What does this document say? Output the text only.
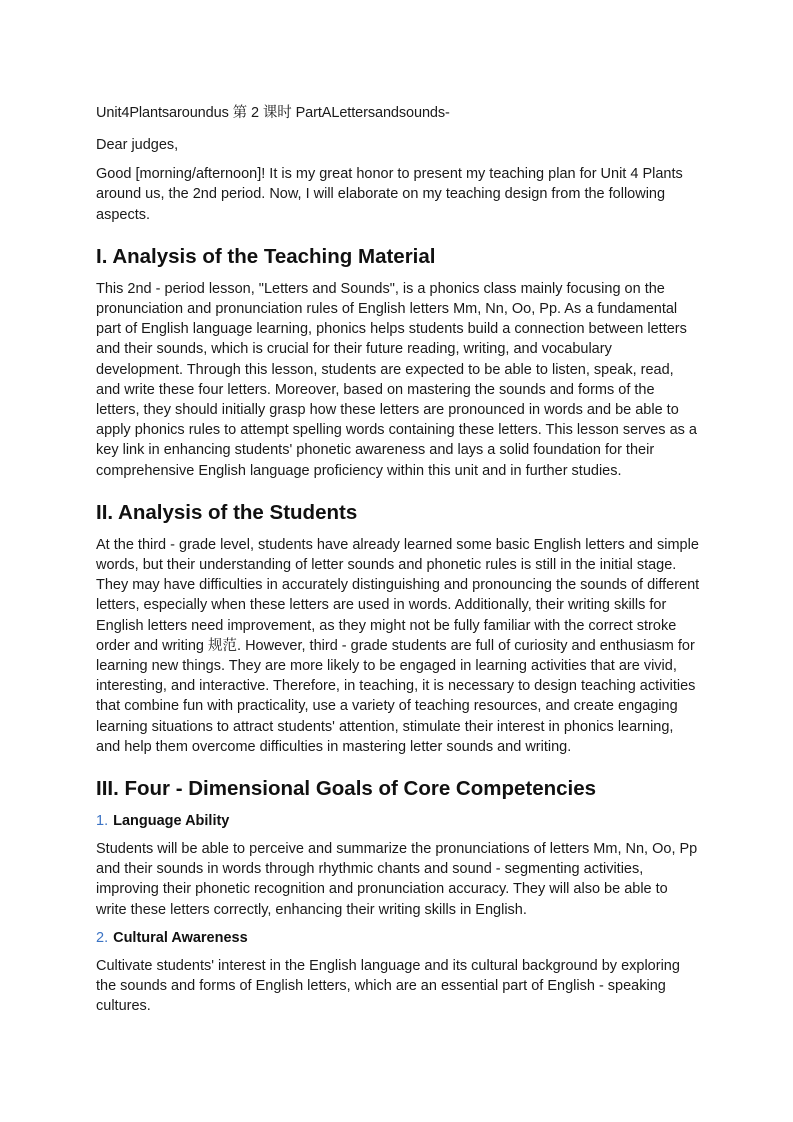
Unit4Plantsaroundus 第 2 课时 PartALettersandsounds-

Dear judges,

Good [morning/afternoon]! It is my great honor to present my teaching plan for Unit 4 Plants around us, the 2nd period. Now, I will elaborate on my teaching design from the following aspects.

I. Analysis of the Teaching Material

This 2nd - period lesson, "Letters and Sounds", is a phonics class mainly focusing on the pronunciation and pronunciation rules of English letters Mm, Nn, Oo, Pp. As a fundamental part of English language learning, phonics helps students build a connection between letters and their sounds, which is crucial for their future reading, writing, and vocabulary development. Through this lesson, students are expected to be able to listen, speak, read, and write these four letters. Moreover, based on mastering the sounds and forms of the letters, they should initially grasp how these letters are pronounced in words and be able to apply phonics rules to attempt spelling words containing these letters. This lesson serves as a key link in enhancing students' phonetic awareness and lays a solid foundation for their comprehensive English language proficiency within this unit and in further studies.

II. Analysis of the Students

At the third - grade level, students have already learned some basic English letters and simple words, but their understanding of letter sounds and phonetic rules is still in the initial stage. They may have difficulties in accurately distinguishing and pronouncing the sounds of different letters, especially when these letters are used in words. Additionally, their writing skills for English letters need improvement, as they might not be fully familiar with the correct stroke order and writing 规范. However, third - grade students are full of curiosity and enthusiasm for learning new things. They are more likely to be engaged in learning activities that are vivid, interesting, and interactive. Therefore, in teaching, it is necessary to design teaching activities that combine fun with practicality, use a variety of teaching resources, and create engaging learning situations to attract students' attention, stimulate their interest in phonics learning, and help them overcome difficulties in mastering letter sounds and writing.

III. Four - Dimensional Goals of Core Competencies
1. Language Ability

Students will be able to perceive and summarize the pronunciations of letters Mm, Nn, Oo, Pp and their sounds in words through rhythmic chants and sound - segmenting activities, improving their phonetic recognition and pronunciation accuracy. They will also be able to write these letters correctly, enhancing their writing skills in English.

2. Cultural Awareness

Cultivate students' interest in the English language and its cultural background by exploring the sounds and forms of English letters, which are an essential part of English - speaking cultures.
